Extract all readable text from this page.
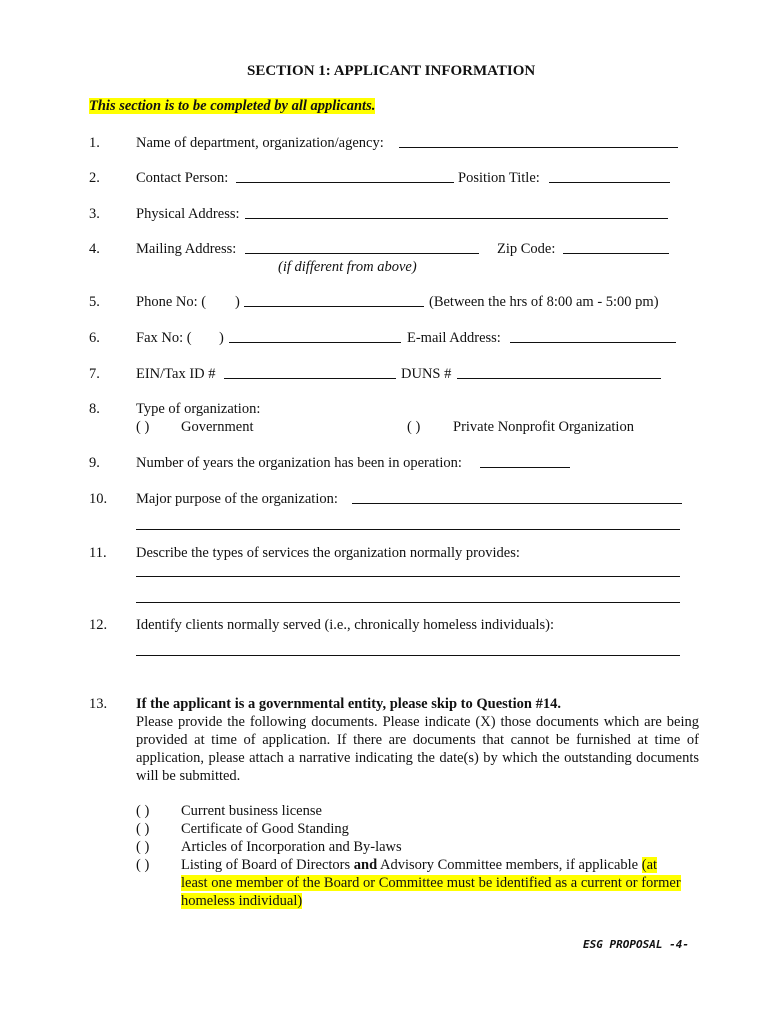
SECTION 1: APPLICANT INFORMATION
This section is to be completed by all applicants.
1.	Name of department, organization/agency:
2.	Contact Person:	Position Title:
3.	Physical Address:
4.	Mailing Address:	Zip Code:
(if different from above)
5.	Phone No: ( )	(Between the hrs of 8:00 am - 5:00 pm)
6.	Fax No: ( )	E-mail Address:
7.	EIN/Tax ID #	DUNS #
8.	Type of organization:
( ) Government	( ) Private Nonprofit Organization
9.	Number of years the organization has been in operation:
10.	Major purpose of the organization:
11.	Describe the types of services the organization normally provides:
12.	Identify clients normally served (i.e., chronically homeless individuals):
13.	If the applicant is a governmental entity, please skip to Question #14.
Please provide the following documents. Please indicate (X) those documents which are being provided at time of application. If there are documents that cannot be furnished at time of application, please attach a narrative indicating the date(s) by which the outstanding documents will be submitted.
( ) Current business license
( ) Certificate of Good Standing
( ) Articles of Incorporation and By-laws
( ) Listing of Board of Directors and Advisory Committee members, if applicable (at
least one member of the Board or Committee must be identified as a current or former
homeless individual)
ESG PROPOSAL -4-
